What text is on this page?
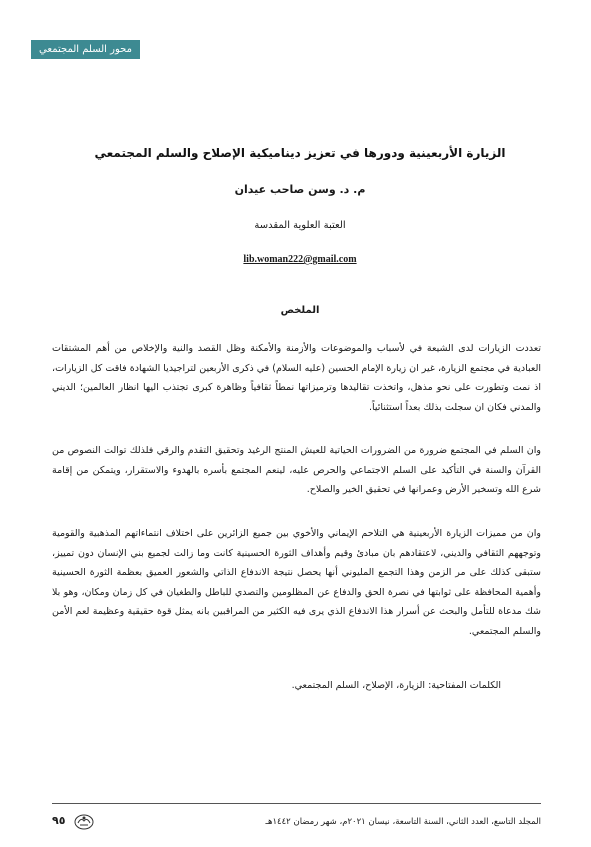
محور السلم المجتمعي
الزيارة الأربعينية ودورها في تعزيز ديناميكية الإصلاح والسلم المجتمعي
م. د. وسن صاحب عيدان
العتبة العلوية المقدسة
lib.woman222@gmail.com
الملخص

تعددت الزيارات لدى الشيعة في لأسباب والموضوعات والأزمنة والأمكنة وظل القصد والنية والإخلاص من أهم المشتقات العبادية في مجتمع الزيارة، غير ان زيارة الإمام الحسين (عليه السلام) في ذكرى الأربعين لتراجيديا الشهادة فاقت كل الزيارات، اذ نمت وتطورت على نحو مذهل، واتخذت تقاليدها وترميزاتها نمطاً ثقافياً وظاهرة كبرى تجتذب اليها انظار العالمين؛ الديني والمدني فكان ان سجلت بذلك بعداً استثنائياً.

وان السلم في المجتمع ضرورة من الضرورات الحياتية للعيش المنتج الرغيد وتحقيق التقدم والرقي فلذلك توالت النصوص من القرآن والسنة في التأكيد على السلم الاجتماعي والحرص عليه، لينعم المجتمع بأسره بالهدوء والاستقرار، ويتمكن من إقامة شرع الله وتسخير الأرض وعمرانها في تحقيق الخير والصلاح.

وان من مميزات الزيارة الأربعينية هي التلاحم الإيماني والأخوي بين جميع الزائرين على اختلاف انتماءاتهم المذهبية والقومية وتوجههم الثقافي والديني، لاعتقادهم بان مبادئ وقيم وأهداف الثورة الحسينية كانت وما زالت لجميع بني الإنسان دون تمييز، ستبقى كذلك على مر الزمن وهذا التجمع المليوني أنها يحصل نتيجة الاندفاع الذاتي والشعور العميق بعظمة الثورة الحسينية وأهمية المحافظة على ثوابتها في نصرة الحق والدفاع عن المظلومين والتصدي للباطل والطغيان في كل زمان ومكان، وهو بلا شك مدعاة للتأمل والبحث عن أسرار هذا الاندفاع الذي يرى فيه الكثير من المراقبين بانه يمثل قوة حقيقية وعظيمة لعم الأمن والسلم المجتمعي.

الكلمات المفتاحية: الزيارة، الإصلاح، السلم المجتمعي.
المجلد التاسع، العدد الثاني، السنة التاسعة، نيسان ٢٠٢١م، شهر رمضان ١٤٤٢هـ
٩٥
